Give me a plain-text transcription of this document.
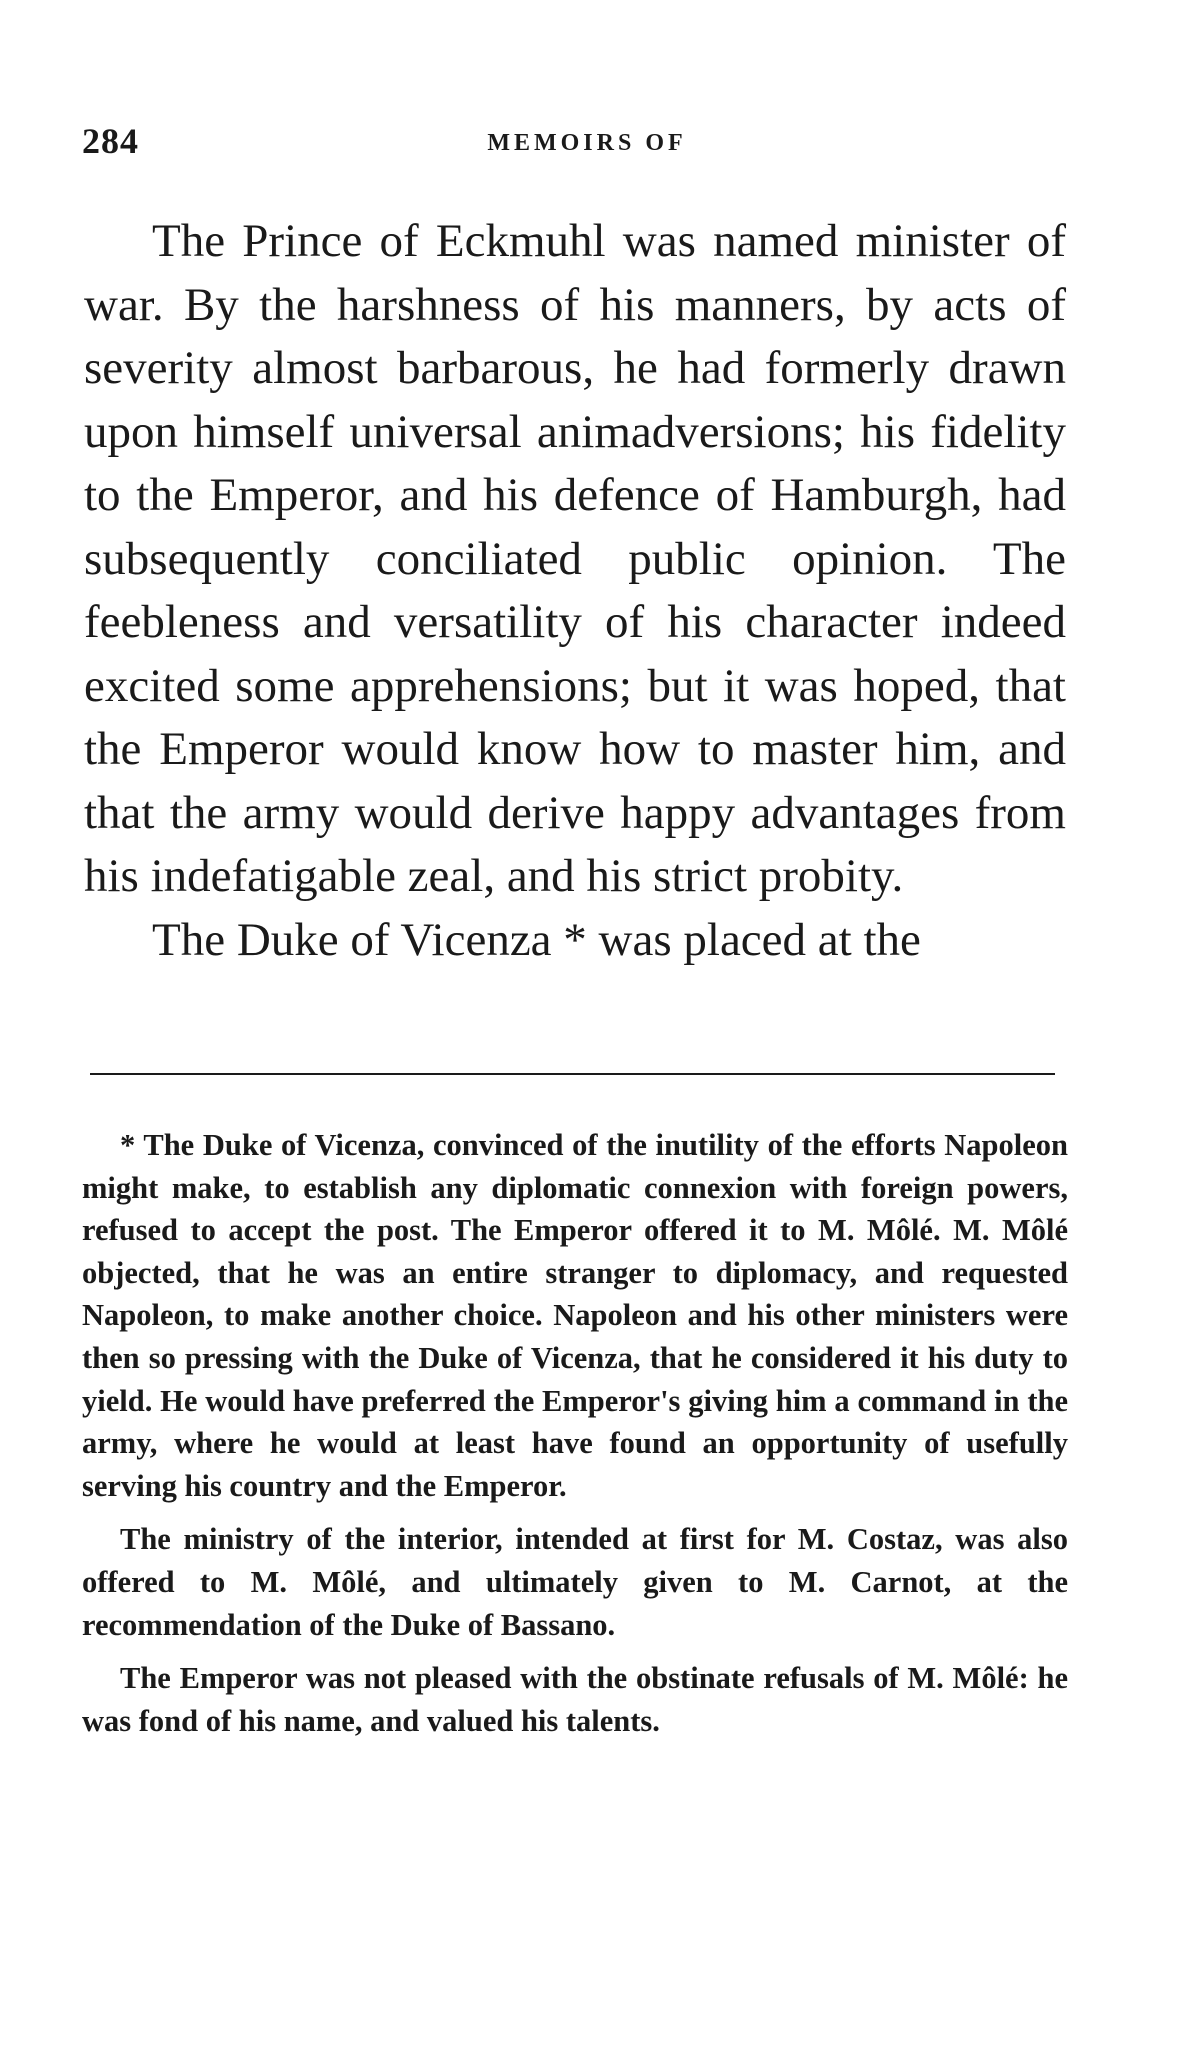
284	MEMOIRS OF

The Prince of Eckmuhl was named minister of war. By the harshness of his manners, by acts of severity almost barbarous, he had formerly drawn upon himself universal animadversions; his fidelity to the Emperor, and his defence of Hamburgh, had subsequently conciliated public opinion. The feebleness and versatility of his character indeed excited some apprehensions; but it was hoped, that the Emperor would know how to master him, and that the army would derive happy advantages from his indefatigable zeal, and his strict probity.

The Duke of Vicenza * was placed at the

* The Duke of Vicenza, convinced of the inutility of the efforts Napoleon might make, to establish any diplomatic connexion with foreign powers, refused to accept the post. The Emperor offered it to M. Môlé. M. Môlé objected, that he was an entire stranger to diplomacy, and requested Napoleon, to make another choice. Napoleon and his other ministers were then so pressing with the Duke of Vicenza, that he considered it his duty to yield. He would have preferred the Emperor's giving him a command in the army, where he would at least have found an opportunity of usefully serving his country and the Emperor.

The ministry of the interior, intended at first for M. Costaz, was also offered to M. Môlé, and ultimately given to M. Carnot, at the recommendation of the Duke of Bassano.

The Emperor was not pleased with the obstinate refusals of M. Môlé: he was fond of his name, and valued his talents.
